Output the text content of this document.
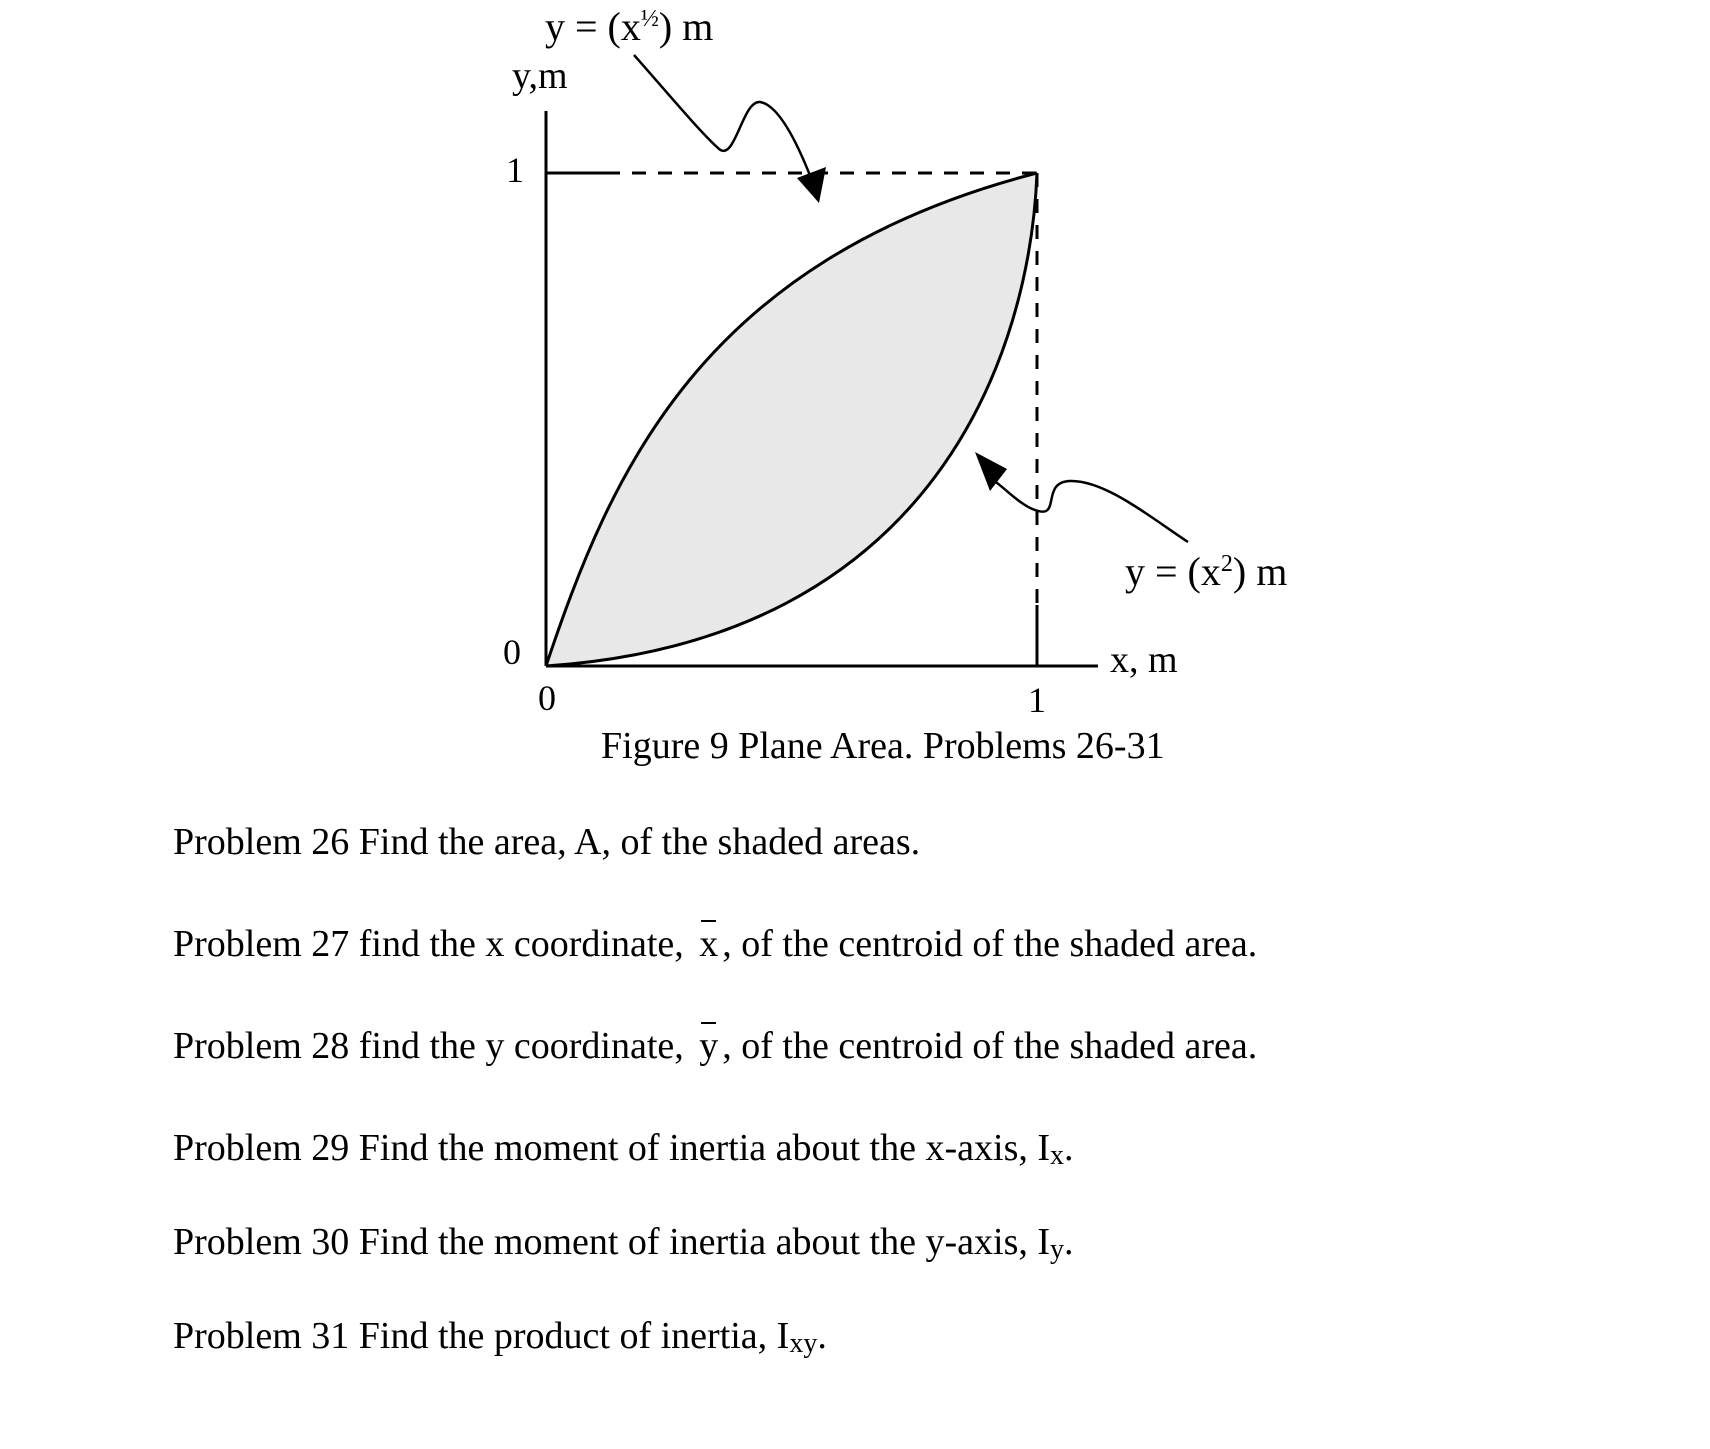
$y = (x^{\frac{1}{2}})$ m
y,m
1
0
0	1
x, m
$y = (x^2)$ m
Figure 9 Plane Area. Problems 26-31
Problem 26 Find the area, A, of the shaded areas.
Problem 27 find the x coordinate, x , of the centroid of the shaded area.
Problem 28 find the y coordinate, y , of the centroid of the shaded area.
Problem 29 Find the moment of inertia about the x-axis, Ix.
Problem 30 Find the moment of inertia about the y-axis, Iy.
Problem 31 Find the product of inertia, Ixy.
